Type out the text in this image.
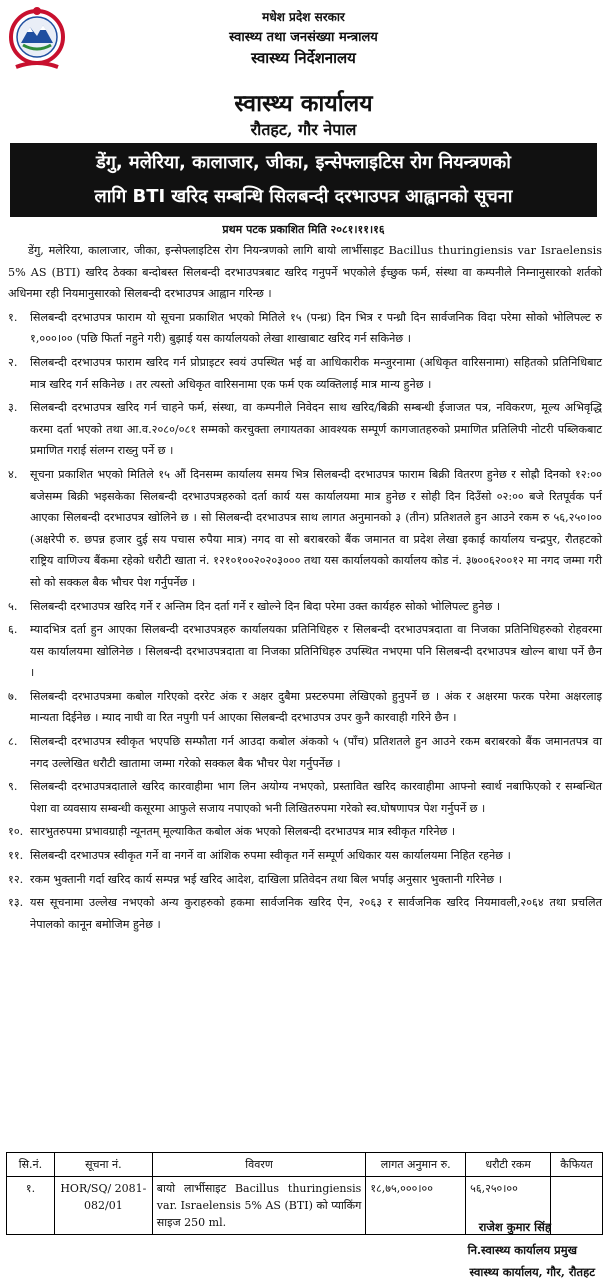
मधेश प्रदेश सरकार
स्वास्थ्य तथा जनसंख्या मन्त्रालय
स्वास्थ्य निर्देशनालय
स्वास्थ्य कार्यालय
रौतहट, गौर नेपाल
डेंगु, मलेरिया, कालाजार, जीका, इन्सेफ्लाइटिस रोग नियन्त्रणको
लागि BTI खरिद सम्बन्धि सिलबन्दी दरभाउपत्र आह्वानको सूचना
प्रथम पटक प्रकाशित मिति २०८१।११।१६

डेंगु, मलेरिया, कालाजार, जीका, इन्सेफ्लाइटिस रोग नियन्त्रणको लागि बायो लार्भीसाइट Bacillus thuringiensis var Israelensis 5% AS (BTI) खरिद ठेक्का बन्दोबस्त सिलबन्दी दरभाउपत्रबाट खरिद गनुपर्ने भएकोले ईच्छुक फर्म, संस्था वा कम्पनीले निम्नानुसारको शर्तको अधिनमा रही नियमानुसारको सिलबन्दी दरभाउपत्र आह्वान गरिन्छ ।

१.	सिलबन्दी दरभाउपत्र फाराम यो सूचना प्रकाशित भएको मितिले १५ (पन्ध्र) दिन भित्र र पन्ध्रौ दिन सार्वजनिक विदा परेमा सोको भोलिपल्ट रु १,०००।०० (पछि फिर्ता नहुने गरी) बुझाई यस कार्यालयको लेखा शाखाबाट खरिद गर्न सकिनेछ ।
२.	सिलबन्दी दरभाउपत्र फाराम खरिद गर्न प्रोप्राइटर स्वयं उपस्थित भई वा आधिकारीक मन्जुरनामा (अधिकृत वारिसनामा) सहितको प्रतिनिधिबाट मात्र खरिद गर्न सकिनेछ । तर त्यस्तो अधिकृत वारिसनामा एक फर्म एक व्यक्तिलाई मात्र मान्य हुनेछ ।
३.	सिलबन्दी दरभाउपत्र खरिद गर्न चाहने फर्म, संस्था, वा कम्पनीले निवेदन साथ खरिद/बिक्री सम्बन्धी ईजाजत पत्र, नविकरण, मूल्य अभिवृद्धि करमा दर्ता भएको तथा आ.व.२०८०/०८१ सम्मको करचुक्ता लगायतका आवश्यक सम्पूर्ण कागजातहरुको प्रमाणित प्रतिलिपी नोटरी पब्लिकबाट प्रमाणित गराई संलग्न राख्नु पर्ने छ ।
४.	सूचना प्रकाशित भएको मितिले १५ औं दिनसम्म कार्यालय समय भित्र सिलबन्दी दरभाउपत्र फाराम बिक्री वितरण हुनेछ र सोह्रौ दिनको १२:०० बजेसम्म बिक्री भइसकेका सिलबन्दी दरभाउपत्रहरुको दर्ता कार्य यस कार्यालयमा मात्र हुनेछ र सोही दिन दिउँसो ०२:०० बजे रितपूर्वक पर्न आएका सिलबन्दी दरभाउपत्र खोलिने छ । सो सिलबन्दी दरभाउपत्र साथ लागत अनुमानको ३ (तीन) प्रतिशतले हुन आउने रकम रु ५६,२५०।०० (अक्षरेपी रु. छपन्न हजार दुई सय पचास रुपैया मात्र) नगद वा सो बराबरको बैंक जमानत वा प्रदेश लेखा इकाई कार्यालय चन्द्रपुर, रौतहटको राष्ट्रिय वाणिज्य बैंकमा रहेको धरौटी खाता नं. १२१०१००२०२०३००० तथा यस कार्यालयको कार्यालय कोड नं. ३७००६२००१२ मा नगद जम्मा गरी सो को सक्कल बैक भौचर पेश गर्नुपर्नेछ ।
५.	सिलबन्दी दरभाउपत्र खरिद गर्ने र अन्तिम दिन दर्ता गर्ने र खोल्ने दिन बिदा परेमा उक्त कार्यहरु सोको भोलिपल्ट हुनेछ ।
६.	म्यादभित्र दर्ता हुन आएका सिलबन्दी दरभाउपत्रहरु कार्यालयका प्रतिनिधिहरु र सिलबन्दी दरभाउपत्रदाता वा निजका प्रतिनिधिहरुको रोहवरमा यस कार्यालयमा खोलिनेछ । सिलबन्दी दरभाउपत्रदाता वा निजका प्रतिनिधिहरु उपस्थित नभएमा पनि सिलबन्दी दरभाउपत्र खोल्न बाधा पर्ने छैन ।
७.	सिलबन्दी दरभाउपत्रमा कबोल गरिएको दररेट अंक र अक्षर दुबैमा प्रस्टरुपमा लेखिएको हुनुपर्ने छ । अंक र अक्षरमा फरक परेमा अक्षरलाइ मान्यता दिईनेछ । म्याद नाघी वा रित नपुगी पर्न आएका सिलबन्दी दरभाउपत्र उपर कुनै कारवाही गरिने छैन ।
८.	सिलबन्दी दरभाउपत्र स्वीकृत भएपछि सम्फौता गर्न आउदा कबोल अंकको ५ (पाँच) प्रतिशतले हुन आउने रकम बराबरको बैंक जमानतपत्र वा नगद उल्लेखित धरौटी खातामा जम्मा गरेको सक्कल बैक भौचर पेश गर्नुपर्नेछ ।
९.	सिलबन्दी दरभाउपत्रदाताले खरिद कारवाहीमा भाग लिन अयोग्य नभएको, प्रस्तावित खरिद कारवाहीमा आफ्नो स्वार्थ नबाफिएको र सम्बन्धित पेशा वा व्यवसाय सम्बन्धी कसूरमा आफुले सजाय नपाएको भनी लिखितरुपमा गरेको स्व.घोषणापत्र पेश गर्नुपर्ने छ ।
१०. सारभुतरुपमा प्रभावग्राही न्यूनतम् मूल्याकित कबोल अंक भएको सिलबन्दी दरभाउपत्र मात्र स्वीकृत गरिनेछ ।
११. सिलबन्दी दरभाउपत्र स्वीकृत गर्ने वा नगर्ने वा आंशिक रुपमा स्वीकृत गर्ने सम्पूर्ण अधिकार यस कार्यालयमा निहित रहनेछ ।
१२. रकम भुक्तानी गर्दा खरिद कार्य सम्पन्न भई खरिद आदेश, दाखिला प्रतिवेदन तथा बिल भर्पाइ अनुसार भुक्तानी गरिनेछ ।
१३. यस सूचनामा उल्लेख नभएको अन्य कुराहरुको हकमा सार्वजनिक खरिद ऐन, २०६३ र सार्वजनिक खरिद नियमावली,२०६४ तथा प्रचलित नेपालको कानून बमोजिम हुनेछ ।
सि.नं.	सूचना नं.	विवरण	लागत अनुमान रु.	धरौटी रकम	कैफियत
१.	HOR/SQ/ 2081-082/01	बायो लार्भीसाइट Bacillus thuringiensis var. Israelensis 5% AS (BTI) को प्याकिंग साइज 250 ml.	१८,७५,०००।००	५६,२५०।००	
राजेश कुमार सिंह
नि.स्वास्थ्य कार्यालय प्रमुख
स्वास्थ्य कार्यालय, गौर, रौतहट
